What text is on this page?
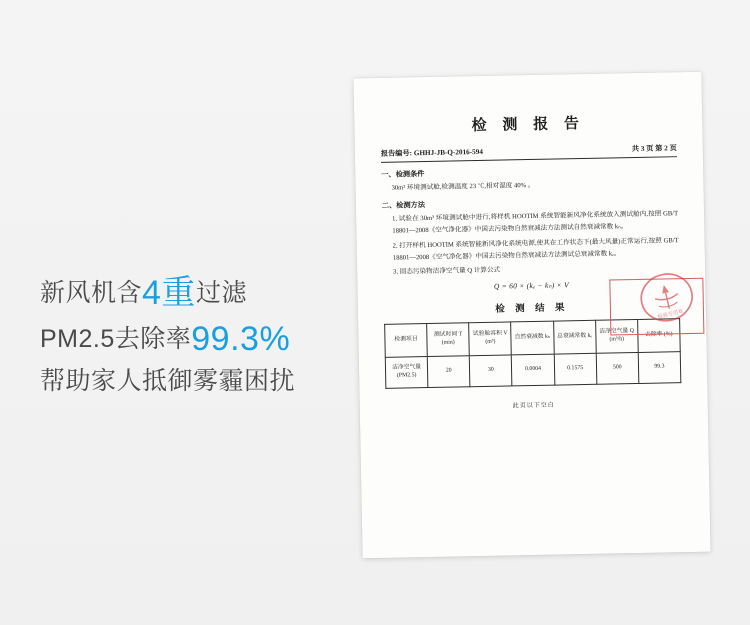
新风机含4重过滤
PM2.5去除率99.3%
帮助家人抵御雾霾困扰
检 测 报 告
报告编号: GHHJ-JB-Q-2016-594	共 3 页 第 2 页
一、检测条件
30m³ 环境测试舱,检测温度 23 ℃,相对湿度 40% 。
二、检测方法
1. 试验在 30m³ 环境测试舱中进行,将样机 HOOTIM 系统智能新风净化系统放入测试舱内,按照 GB/T 18801—2008《空气净化器》中国去污染物自然衰减法方法测试自然衰减常数 kₙ。
2. 打开样机 HOOTIM 系统智能新风净化系统电源,使其在工作状态下(最大风量)正常运行,按照 GB/T 18801—2008《空气净化器》中国去污染物自然衰减法方法测试总衰减常数 kₑ。
3. 固态污染物洁净空气量 Q 计算公式
Q = 60 × (kₑ − kₙ) × V
检 测 结 果
检测项目	测试时间 T (min)	试验舱容积 V (m³)	自然衰减数 kₙ	总衰减常数 kₑ	洁净空气量 Q (m³/h)	去除率 (%)
洁净空气量 (PM2.5)	20	30	0.0004	0.1575	500	99.3
此页以下空白
检验专用章
